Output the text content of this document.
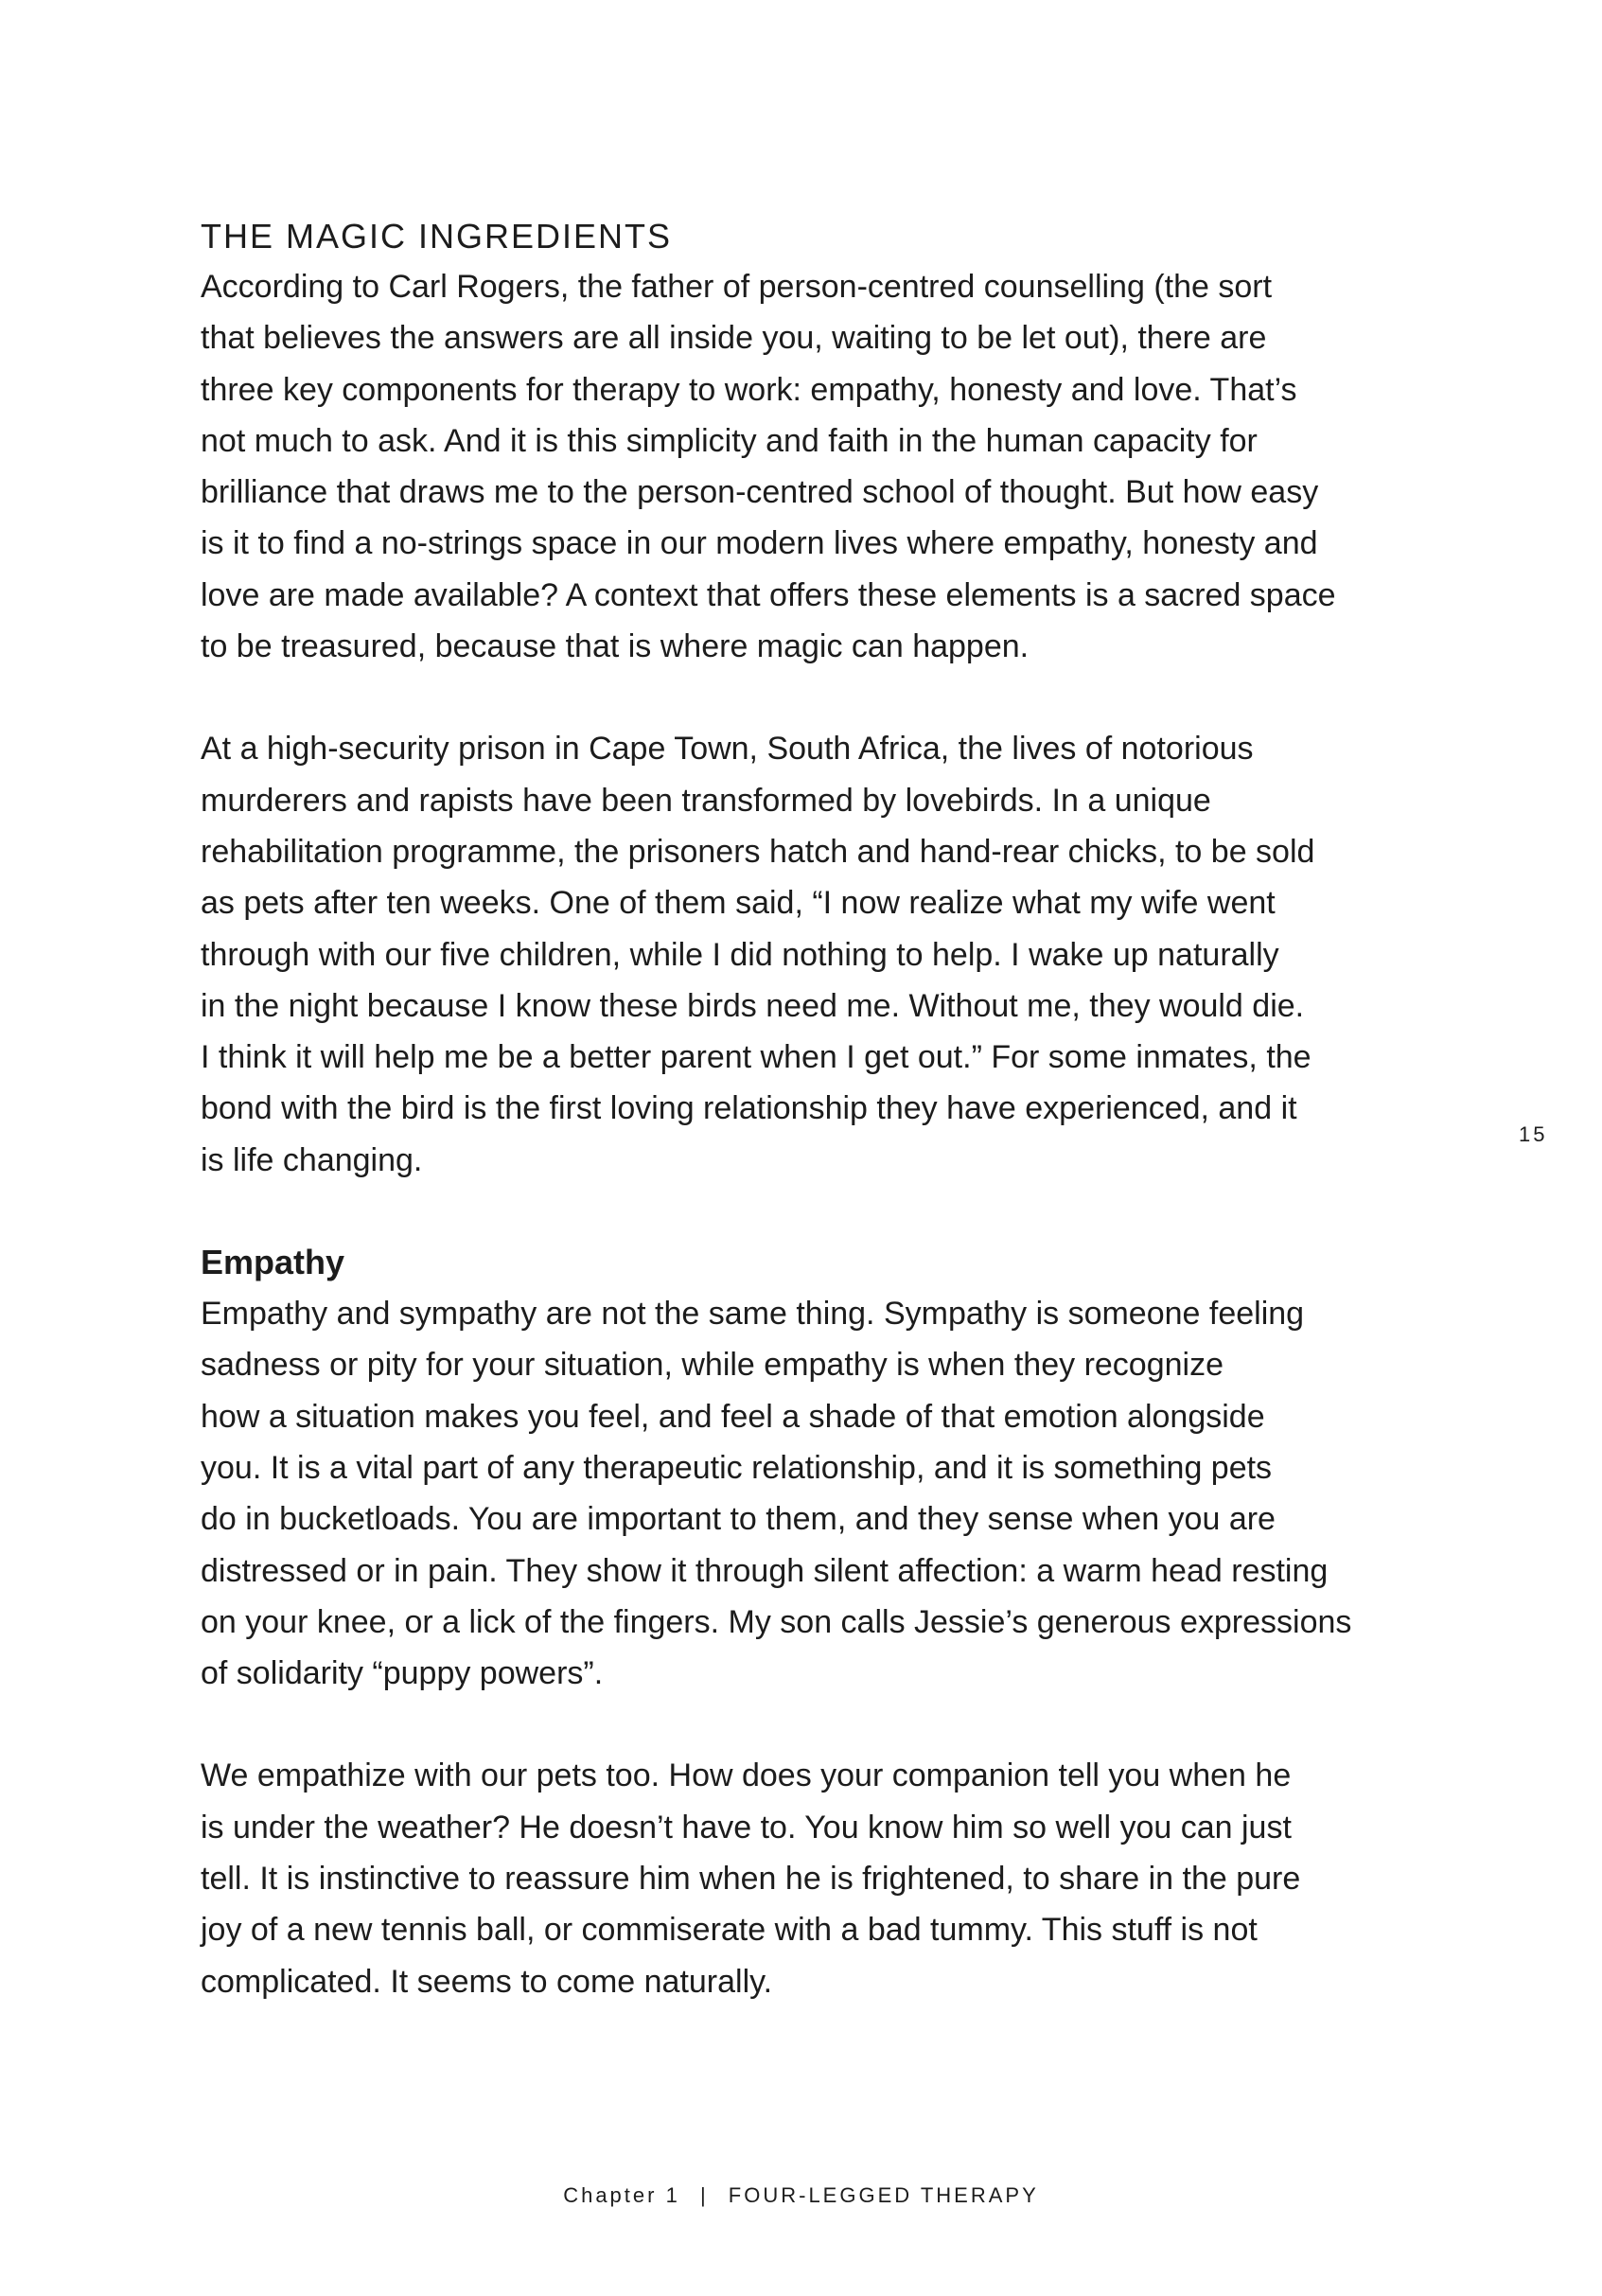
THE MAGIC INGREDIENTS

According to Carl Rogers, the father of person-centred counselling (the sort
that believes the answers are all inside you, waiting to be let out), there are
three key components for therapy to work: empathy, honesty and love. That’s
not much to ask. And it is this simplicity and faith in the human capacity for
brilliance that draws me to the person-centred school of thought. But how easy
is it to find a no-strings space in our modern lives where empathy, honesty and
love are made available? A context that offers these elements is a sacred space
to be treasured, because that is where magic can happen.

At a high-security prison in Cape Town, South Africa, the lives of notorious
murderers and rapists have been transformed by lovebirds. In a unique
rehabilitation programme, the prisoners hatch and hand-rear chicks, to be sold
as pets after ten weeks. One of them said, “I now realize what my wife went
through with our five children, while I did nothing to help. I wake up naturally
in the night because I know these birds need me. Without me, they would die.
I think it will help me be a better parent when I get out.” For some inmates, the
bond with the bird is the first loving relationship they have experienced, and it
is life changing.

Empathy

Empathy and sympathy are not the same thing. Sympathy is someone feeling
sadness or pity for your situation, while empathy is when they recognize
how a situation makes you feel, and feel a shade of that emotion alongside
you. It is a vital part of any therapeutic relationship, and it is something pets
do in bucketloads. You are important to them, and they sense when you are
distressed or in pain. They show it through silent affection: a warm head resting
on your knee, or a lick of the fingers. My son calls Jessie’s generous expressions
of solidarity “puppy powers”.

We empathize with our pets too. How does your companion tell you when he
is under the weather? He doesn’t have to. You know him so well you can just
tell. It is instinctive to reassure him when he is frightened, to share in the pure
joy of a new tennis ball, or commiserate with a bad tummy. This stuff is not
complicated. It seems to come naturally.

15
Chapter 1 | FOUR-LEGGED THERAPY
